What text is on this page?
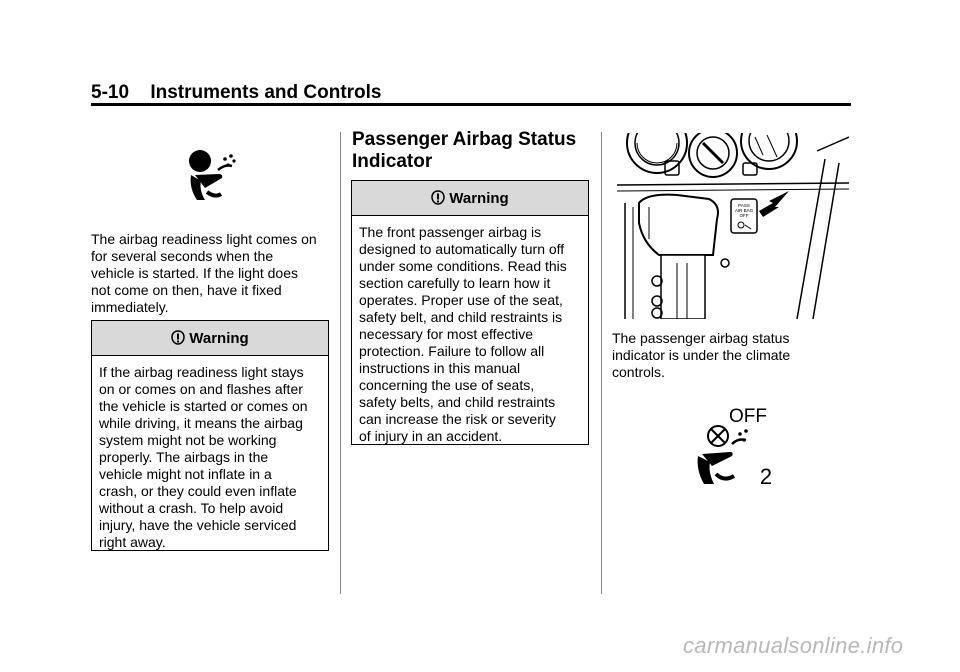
5-10 Instruments and Controls
The airbag readiness light comes on
for several seconds when the
vehicle is started. If the light does
not come on then, have it fixed
immediately.
Warning
If the airbag readiness light stays
on or comes on and flashes after
the vehicle is started or comes on
while driving, it means the airbag
system might not be working
properly. The airbags in the
vehicle might not inflate in a
crash, or they could even inflate
without a crash. To help avoid
injury, have the vehicle serviced
right away.
Passenger Airbag Status
Indicator
Warning
The front passenger airbag is
designed to automatically turn off
under some conditions. Read this
section carefully to learn how it
operates. Proper use of the seat,
safety belt, and child restraints is
necessary for most effective
protection. Failure to follow all
instructions in this manual
concerning the use of seats,
safety belts, and child restraints
can increase the risk or severity
of injury in an accident.
PASS AIR BAG OFF
The passenger airbag status
indicator is under the climate
controls.
OFF
2
carmanualsonline.info
